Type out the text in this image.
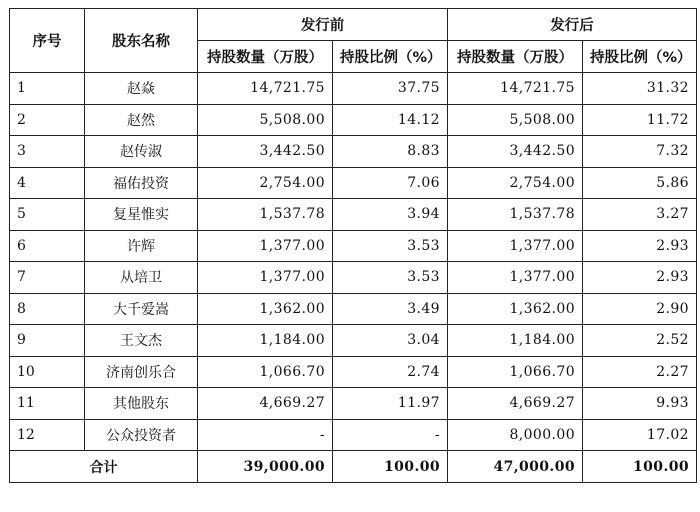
序号	股东名称	发行前		发行后	
		持股数量（万股）	持股比例（%）	持股数量（万股）	持股比例（%）
1	赵焱	14,721.75	37.75	14,721.75	31.32
2	赵然	5,508.00	14.12	5,508.00	11.72
3	赵传淑	3,442.50	8.83	3,442.50	7.32
4	福佑投资	2,754.00	7.06	2,754.00	5.86
5	复星惟实	1,537.78	3.94	1,537.78	3.27
6	许辉	1,377.00	3.53	1,377.00	2.93
7	从培卫	1,377.00	3.53	1,377.00	2.93
8	大千爱嵩	1,362.00	3.49	1,362.00	2.90
9	王文杰	1,184.00	3.04	1,184.00	2.52
10	济南创乐合	1,066.70	2.74	1,066.70	2.27
11	其他股东	4,669.27	11.97	4,669.27	9.93
12	公众投资者	-	-	8,000.00	17.02
合计		39,000.00	100.00	47,000.00	100.00
